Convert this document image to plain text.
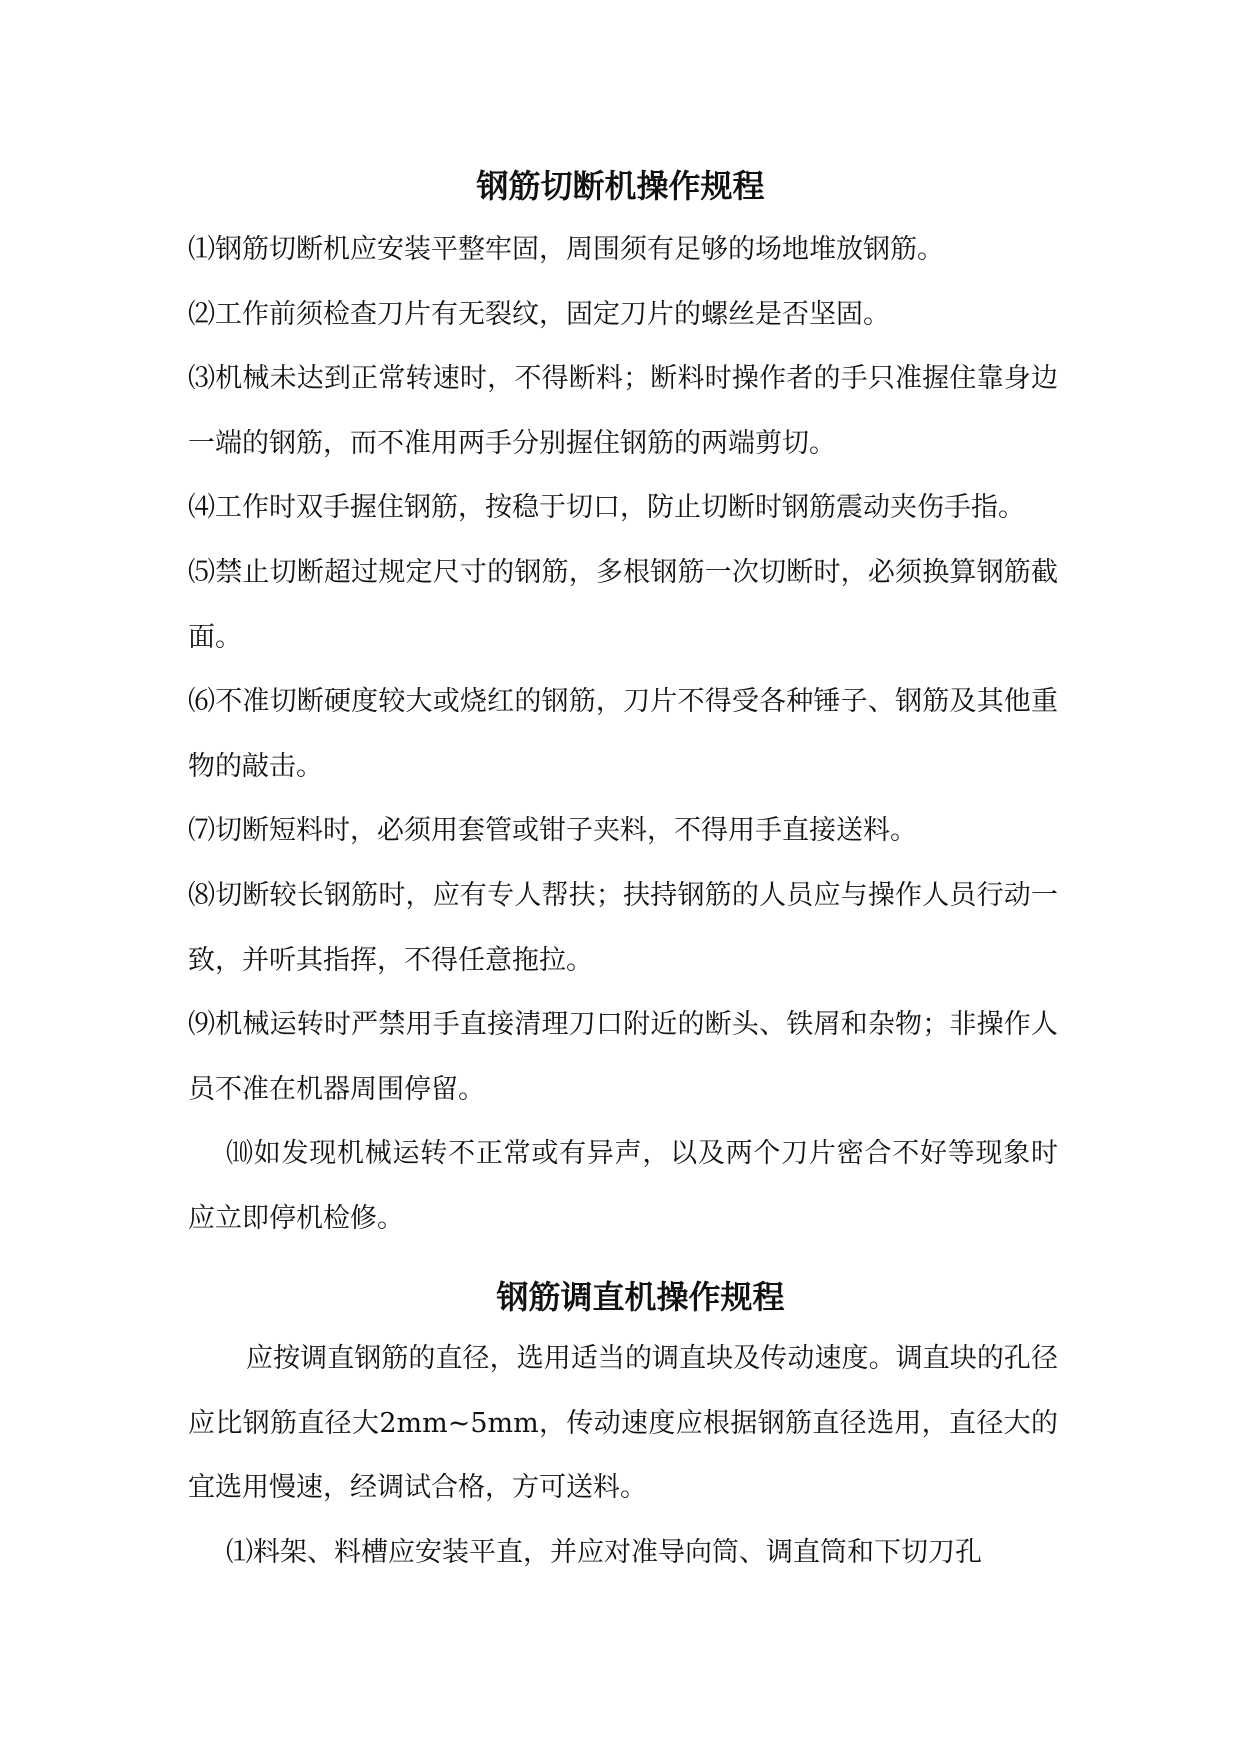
钢筋切断机操作规程

⑴钢筋切断机应安装平整牢固，周围须有足够的场地堆放钢筋。

⑵工作前须检查刀片有无裂纹，固定刀片的螺丝是否坚固。

⑶机械未达到正常转速时，不得断料；断料时操作者的手只准握住靠身边一端的钢筋，而不准用两手分别握住钢筋的两端剪切。

⑷工作时双手握住钢筋，按稳于切口，防止切断时钢筋震动夹伤手指。

⑸禁止切断超过规定尺寸的钢筋，多根钢筋一次切断时，必须换算钢筋截面。

⑹不准切断硬度较大或烧红的钢筋，刀片不得受各种锤子、钢筋及其他重物的敲击。

⑺切断短料时，必须用套管或钳子夹料，不得用手直接送料。

⑻切断较长钢筋时，应有专人帮扶；扶持钢筋的人员应与操作人员行动一致，并听其指挥，不得任意拖拉。

⑼机械运转时严禁用手直接清理刀口附近的断头、铁屑和杂物；非操作人员不准在机器周围停留。

⑽如发现机械运转不正常或有异声，以及两个刀片密合不好等现象时应立即停机检修。

钢筋调直机操作规程

应按调直钢筋的直径，选用适当的调直块及传动速度。调直块的孔径应比钢筋直径大2mm~5mm，传动速度应根据钢筋直径选用，直径大的宜选用慢速，经调试合格，方可送料。

⑴料架、料槽应安装平直，并应对准导向筒、调直筒和下切刀孔
